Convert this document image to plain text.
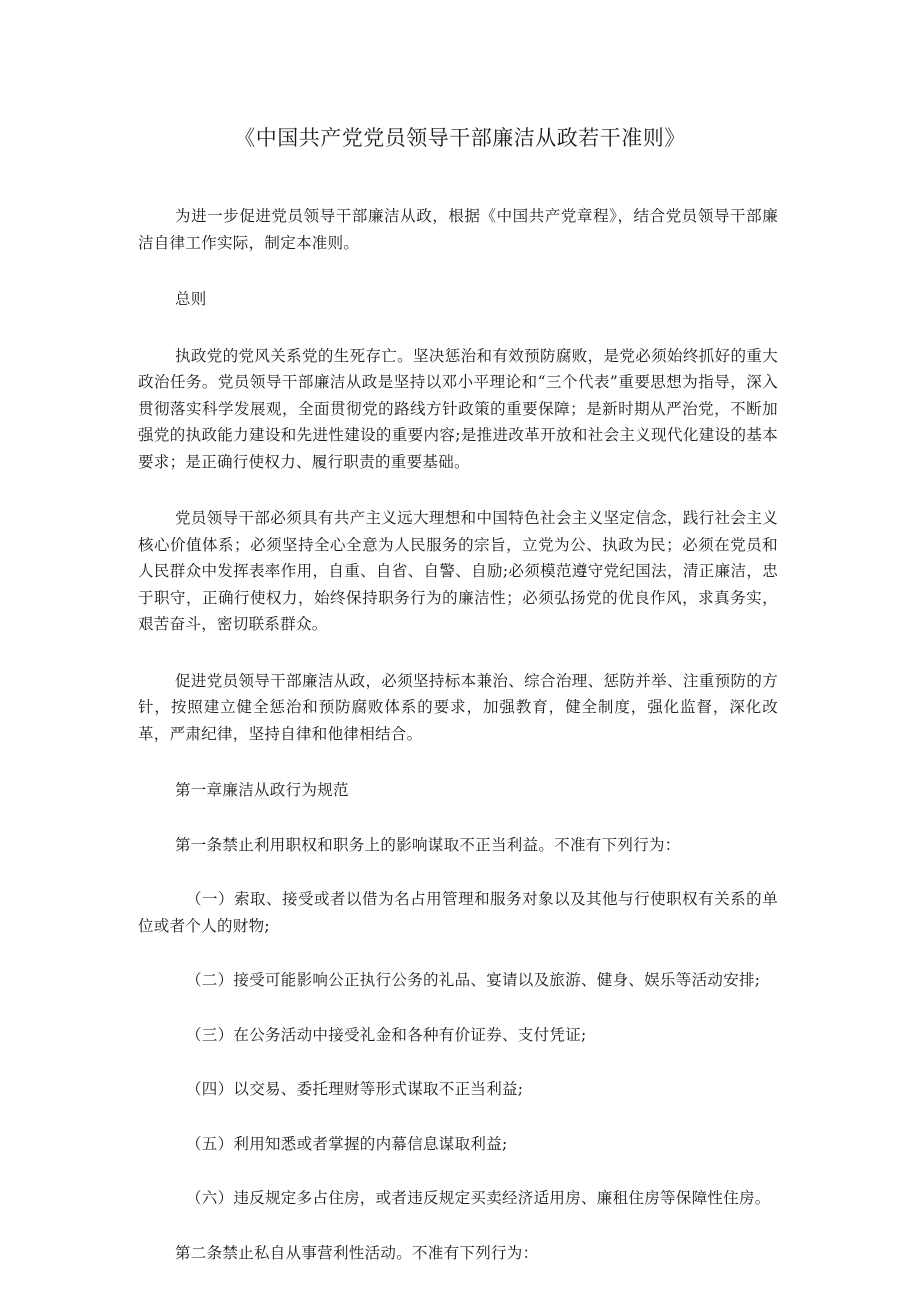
《中国共产党党员领导干部廉洁从政若干准则》

为进一步促进党员领导干部廉洁从政，根据《中国共产党章程》，结合党员领导干部廉洁自律工作实际，制定本准则。

总则

执政党的党风关系党的生死存亡。坚决惩治和有效预防腐败，是党必须始终抓好的重大政治任务。党员领导干部廉洁从政是坚持以邓小平理论和“三个代表”重要思想为指导，深入贯彻落实科学发展观，全面贯彻党的路线方针政策的重要保障；是新时期从严治党，不断加强党的执政能力建设和先进性建设的重要内容;是推进改革开放和社会主义现代化建设的基本要求；是正确行使权力、履行职责的重要基础。

党员领导干部必须具有共产主义远大理想和中国特色社会主义坚定信念，践行社会主义核心价值体系；必须坚持全心全意为人民服务的宗旨，立党为公、执政为民；必须在党员和人民群众中发挥表率作用，自重、自省、自警、自励;必须模范遵守党纪国法，清正廉洁，忠于职守，正确行使权力，始终保持职务行为的廉洁性；必须弘扬党的优良作风，求真务实，艰苦奋斗，密切联系群众。

促进党员领导干部廉洁从政，必须坚持标本兼治、综合治理、惩防并举、注重预防的方针，按照建立健全惩治和预防腐败体系的要求，加强教育，健全制度，强化监督，深化改革，严肃纪律，坚持自律和他律相结合。

第一章廉洁从政行为规范

第一条禁止利用职权和职务上的影响谋取不正当利益。不准有下列行为：

（一）索取、接受或者以借为名占用管理和服务对象以及其他与行使职权有关系的单位或者个人的财物;

（二）接受可能影响公正执行公务的礼品、宴请以及旅游、健身、娱乐等活动安排;

（三）在公务活动中接受礼金和各种有价证券、支付凭证;

（四）以交易、委托理财等形式谋取不正当利益;

（五）利用知悉或者掌握的内幕信息谋取利益;

（六）违反规定多占住房，或者违反规定买卖经济适用房、廉租住房等保障性住房。

第二条禁止私自从事营利性活动。不准有下列行为：
